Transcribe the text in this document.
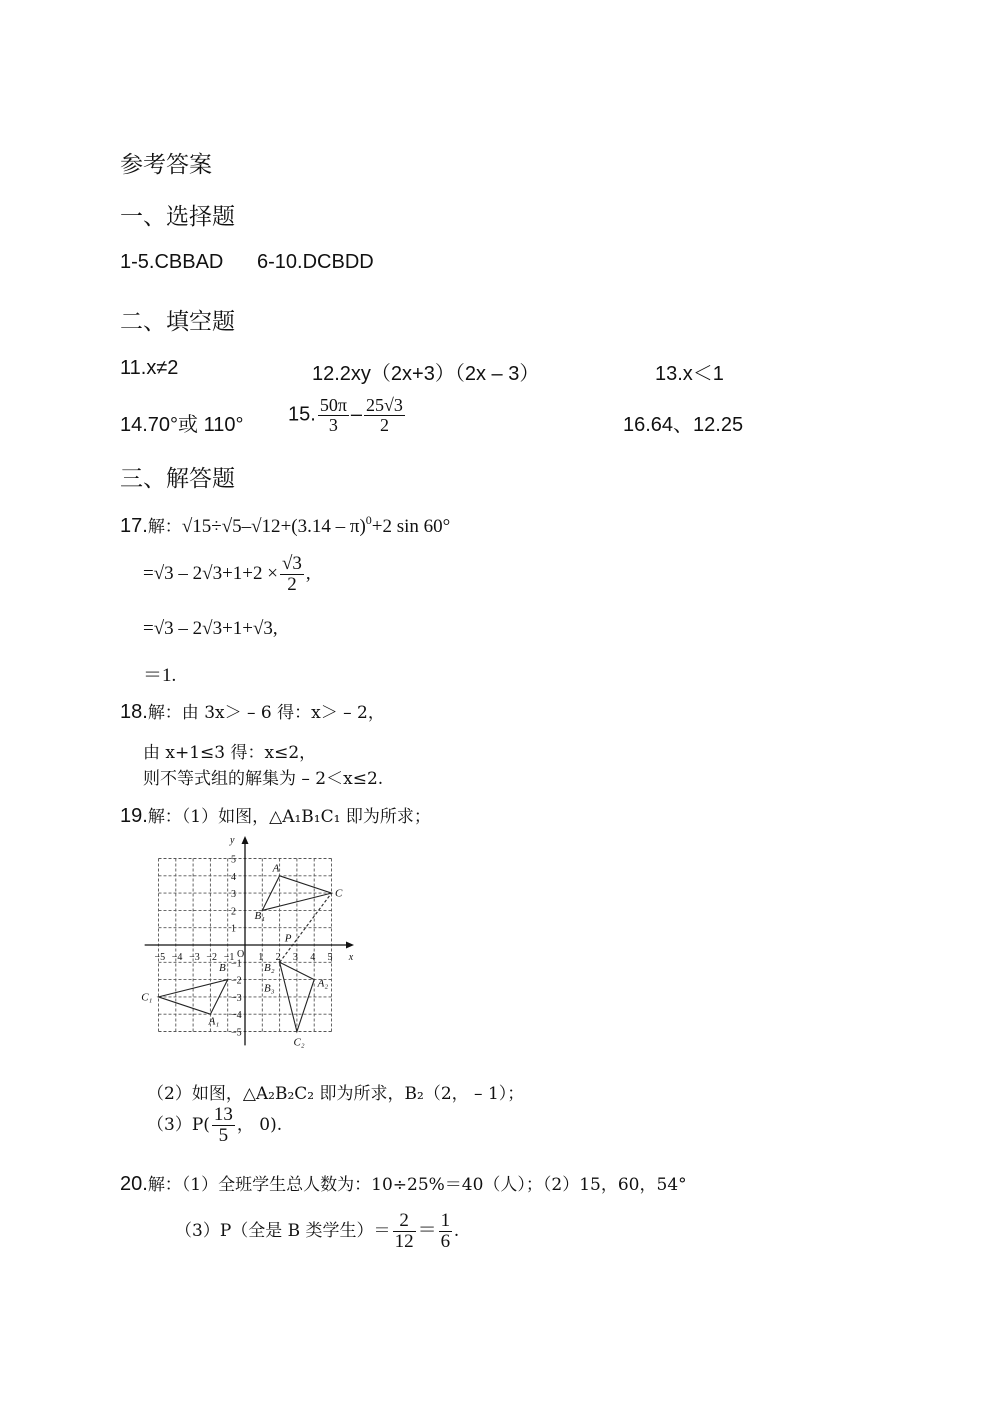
参考答案
一、选择题
1-5.CBBAD 6-10.DCBDD
二、填空题
11.x≠2	12.2xy（2x+3）（2x – 3）	13.x＜1
14.70°或 110° 15. $\frac{50\pi}{3} - \frac{25√3}{2}$	16.64、12.25
三、解答题
17.解：√15÷√5–√12+(3.14 – π)$^0$+2 sin 60°
$=√3 - 2√3+1+2 \times \frac{√3}{2}$ ,
=√3 – 2√3+1+√3,
＝1.
18.解：由 3x＞ – 6 得：x＞ – 2，
由 x+1≤3 得：x≤2，
则不等式组的解集为 – 2＜x≤2.
19.解：（1）如图，△A₁B₁C₁ 即为所求；
−5 −4 −3 −2 −1 1 2 3 4 5
5
4
3
2
1
−1
−2
−3
−4
−5
O	x
y
A
B₁
C
P
B
C₁
A₁
B₂
A₂
B₃
C₂
（2）如图，△A₂B₂C₂ 即为所求，B₂（2， – 1）；
$(3)P( \frac{13}{5}$ ， 0).
20.解：（1）全班学生总人数为：10÷25%＝40（人）；（2）15，60，54°
（3）P（全是 B 类学生）＝ $\frac{2}{12} = \frac{1}{6}$ .
